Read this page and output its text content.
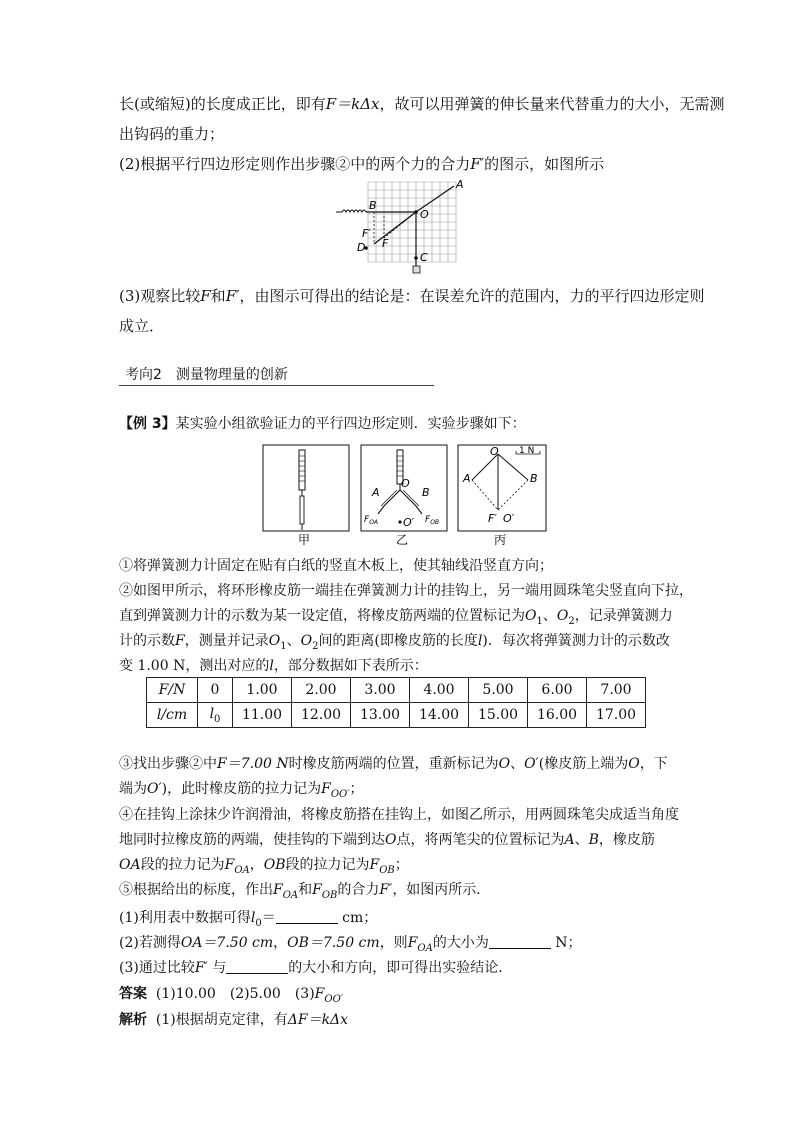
长(或缩短)的长度成正比，即有F＝kΔx，故可以用弹簧的伸长量来代替重力的大小，无需测
出钩码的重力；
(2)根据平行四边形定则作出步骤②中的两个力的合力F′的图示，如图所示
A
B
O
F′
F
D
C
(3)观察比较F和F′，由图示可得出的结论是：在误差允许的范围内，力的平行四边形定则
成立．
考向2　测量物理量的创新
【例 3】某实验小组欲验证力的平行四边形定则．实验步骤如下：
甲
O
A	B
$F_{OA}$	$F_{OB}$
O′
乙
1 N
O
A	B
F′ O′
丙
①将弹簧测力计固定在贴有白纸的竖直木板上，使其轴线沿竖直方向；
②如图甲所示，将环形橡皮筋一端挂在弹簧测力计的挂钩上，另一端用圆珠笔尖竖直向下拉，
直到弹簧测力计的示数为某一设定值，将橡皮筋两端的位置标记为$O_1$、$O_2$，记录弹簧测力
计的示数F，测量并记录$O_1$、$O_2$间的距离(即橡皮筋的长度l)．每次将弹簧测力计的示数改
变 1.00 N，测出对应的l，部分数据如下表所示：
F/N	0	1.00	2.00	3.00	4.00	5.00	6.00	7.00
l/cm	$l_0$	11.00	12.00	13.00	14.00	15.00	16.00	17.00
③找出步骤②中F＝7.00 N时橡皮筋两端的位置，重新标记为O、O′(橡皮筋上端为O，下
端为O′)，此时橡皮筋的拉力记为$F_{OO'}$；
④在挂钩上涂抹少许润滑油，将橡皮筋搭在挂钩上，如图乙所示，用两圆珠笔尖成适当角度
地同时拉橡皮筋的两端，使挂钩的下端到达O点，将两笔尖的位置标记为A、B，橡皮筋
OA段的拉力记为$F_{OA}$，OB段的拉力记为$F_{OB}$；
⑤根据给出的标度，作出$F_{OA}$和$F_{OB}$的合力F′，如图丙所示．
(1)利用表中数据可得$l_0=$	cm；
(2)若测得OA＝7.50 cm，OB＝7.50 cm，则$F_{OA}$的大小为	N；
(3)通过比较F′ 与	的大小和方向，即可得出实验结论．
答案 (1)10.00　(2)5.00　$(3)F_{OO'}$
解析 (1)根据胡克定律，有ΔF＝kΔx
